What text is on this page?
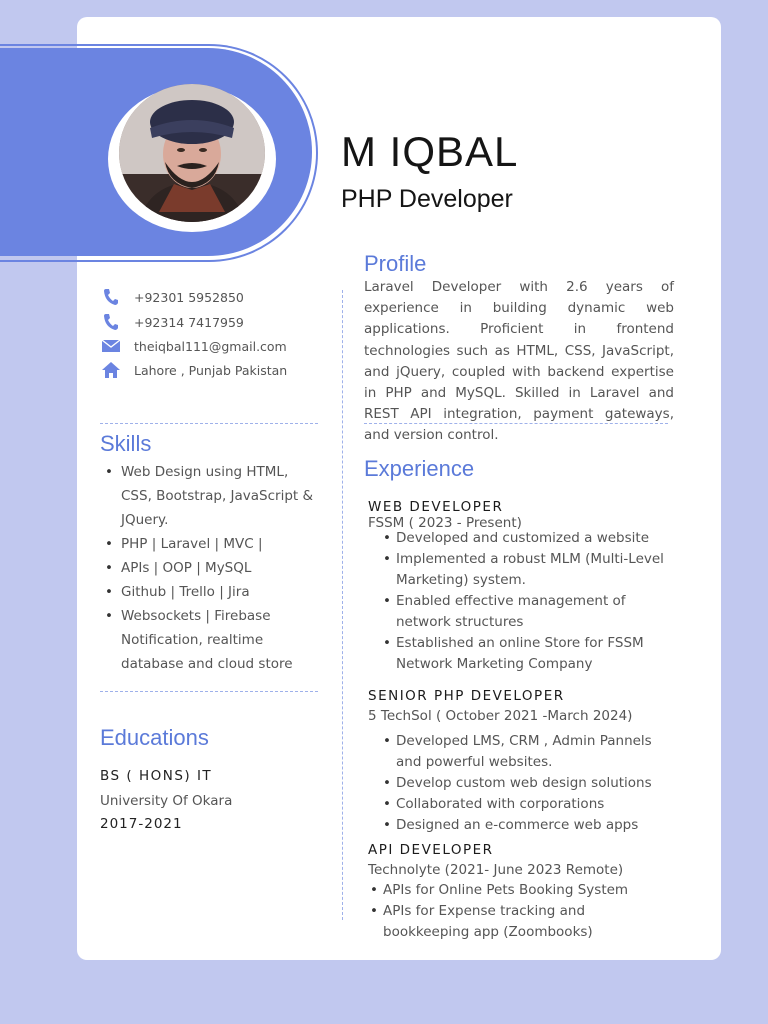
M IQBAL
PHP Developer
+92301 5952850
+92314 7417959
theiqbal111@gmail.com
Lahore , Punjab Pakistan
Skills
• Web Design using HTML, CSS, Bootstrap, JavaScript & JQuery.
• PHP | Laravel | MVC |
• APIs | OOP | MySQL
• Github | Trello | Jira
• Websockets | Firebase Notification, realtime database and cloud store
Educations
BS ( HONS) IT
University Of Okara
2017-2021
Profile
Laravel Developer with 2.6 years of experience in building dynamic web applications. Proficient in frontend technologies such as HTML, CSS, JavaScript, and jQuery, coupled with backend expertise in PHP and MySQL. Skilled in Laravel and REST API integration, payment gateways, and version control.
Experience
WEB DEVELOPER
FSSM ( 2023 - Present)
• Developed and customized a website
• Implemented a robust MLM (Multi-Level Marketing) system.
• Enabled effective management of network structures
• Established an online Store for FSSM Network Marketing Company
SENIOR PHP DEVELOPER
5 TechSol ( October 2021 -March 2024)
• Developed LMS, CRM , Admin Pannels and powerful websites.
• Develop custom web design solutions
• Collaborated with corporations
• Designed an e-commerce web apps
API DEVELOPER
Technolyte (2021- June 2023 Remote)
• APIs for Online Pets Booking System
• APIs for Expense tracking and bookkeeping app (Zoombooks)
